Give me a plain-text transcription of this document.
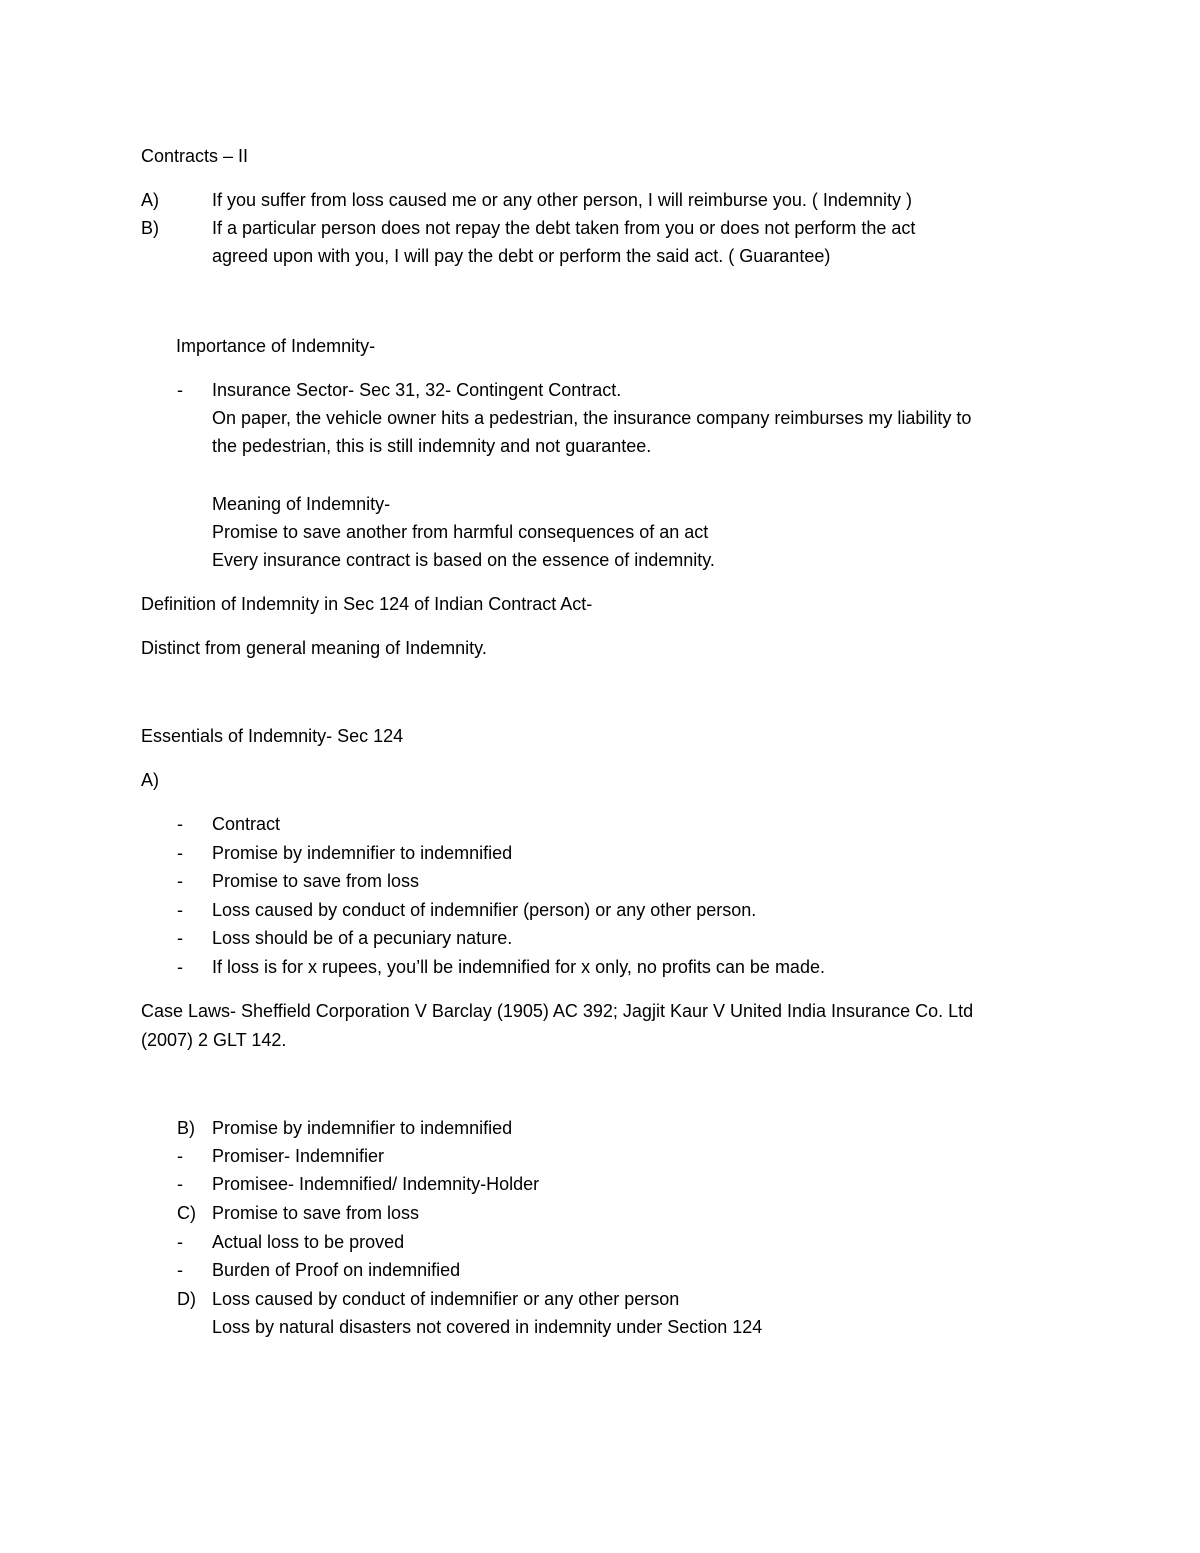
Contracts – II
A)	If you suffer from loss caused me or any other person, I will reimburse you. ( Indemnity )
B)	If a particular person does not repay the debt taken from you or does not perform the act
agreed upon with you, I will pay the debt or perform the said act. ( Guarantee)
Importance of Indemnity-
- Insurance Sector- Sec 31, 32- Contingent Contract.
On paper, the vehicle owner hits a pedestrian, the insurance company reimburses my liability to
the pedestrian, this is still indemnity and not guarantee.
Meaning of Indemnity-
Promise to save another from harmful consequences of an act
Every insurance contract is based on the essence of indemnity.
Definition of Indemnity in Sec 124 of Indian Contract Act-
Distinct from general meaning of Indemnity.
Essentials of Indemnity- Sec 124
A)
- Contract
- Promise by indemnifier to indemnified
- Promise to save from loss
- Loss caused by conduct of indemnifier (person) or any other person.
- Loss should be of a pecuniary nature.
- If loss is for x rupees, you’ll be indemnified for x only, no profits can be made.
Case Laws- Sheffield Corporation V Barclay (1905) AC 392; Jagjit Kaur V United India Insurance Co. Ltd
(2007) 2 GLT 142.
B) Promise by indemnifier to indemnified
- Promiser- Indemnifier
- Promisee- Indemnified/ Indemnity-Holder
C) Promise to save from loss
- Actual loss to be proved
- Burden of Proof on indemnified
D) Loss caused by conduct of indemnifier or any other person
Loss by natural disasters not covered in indemnity under Section 124
